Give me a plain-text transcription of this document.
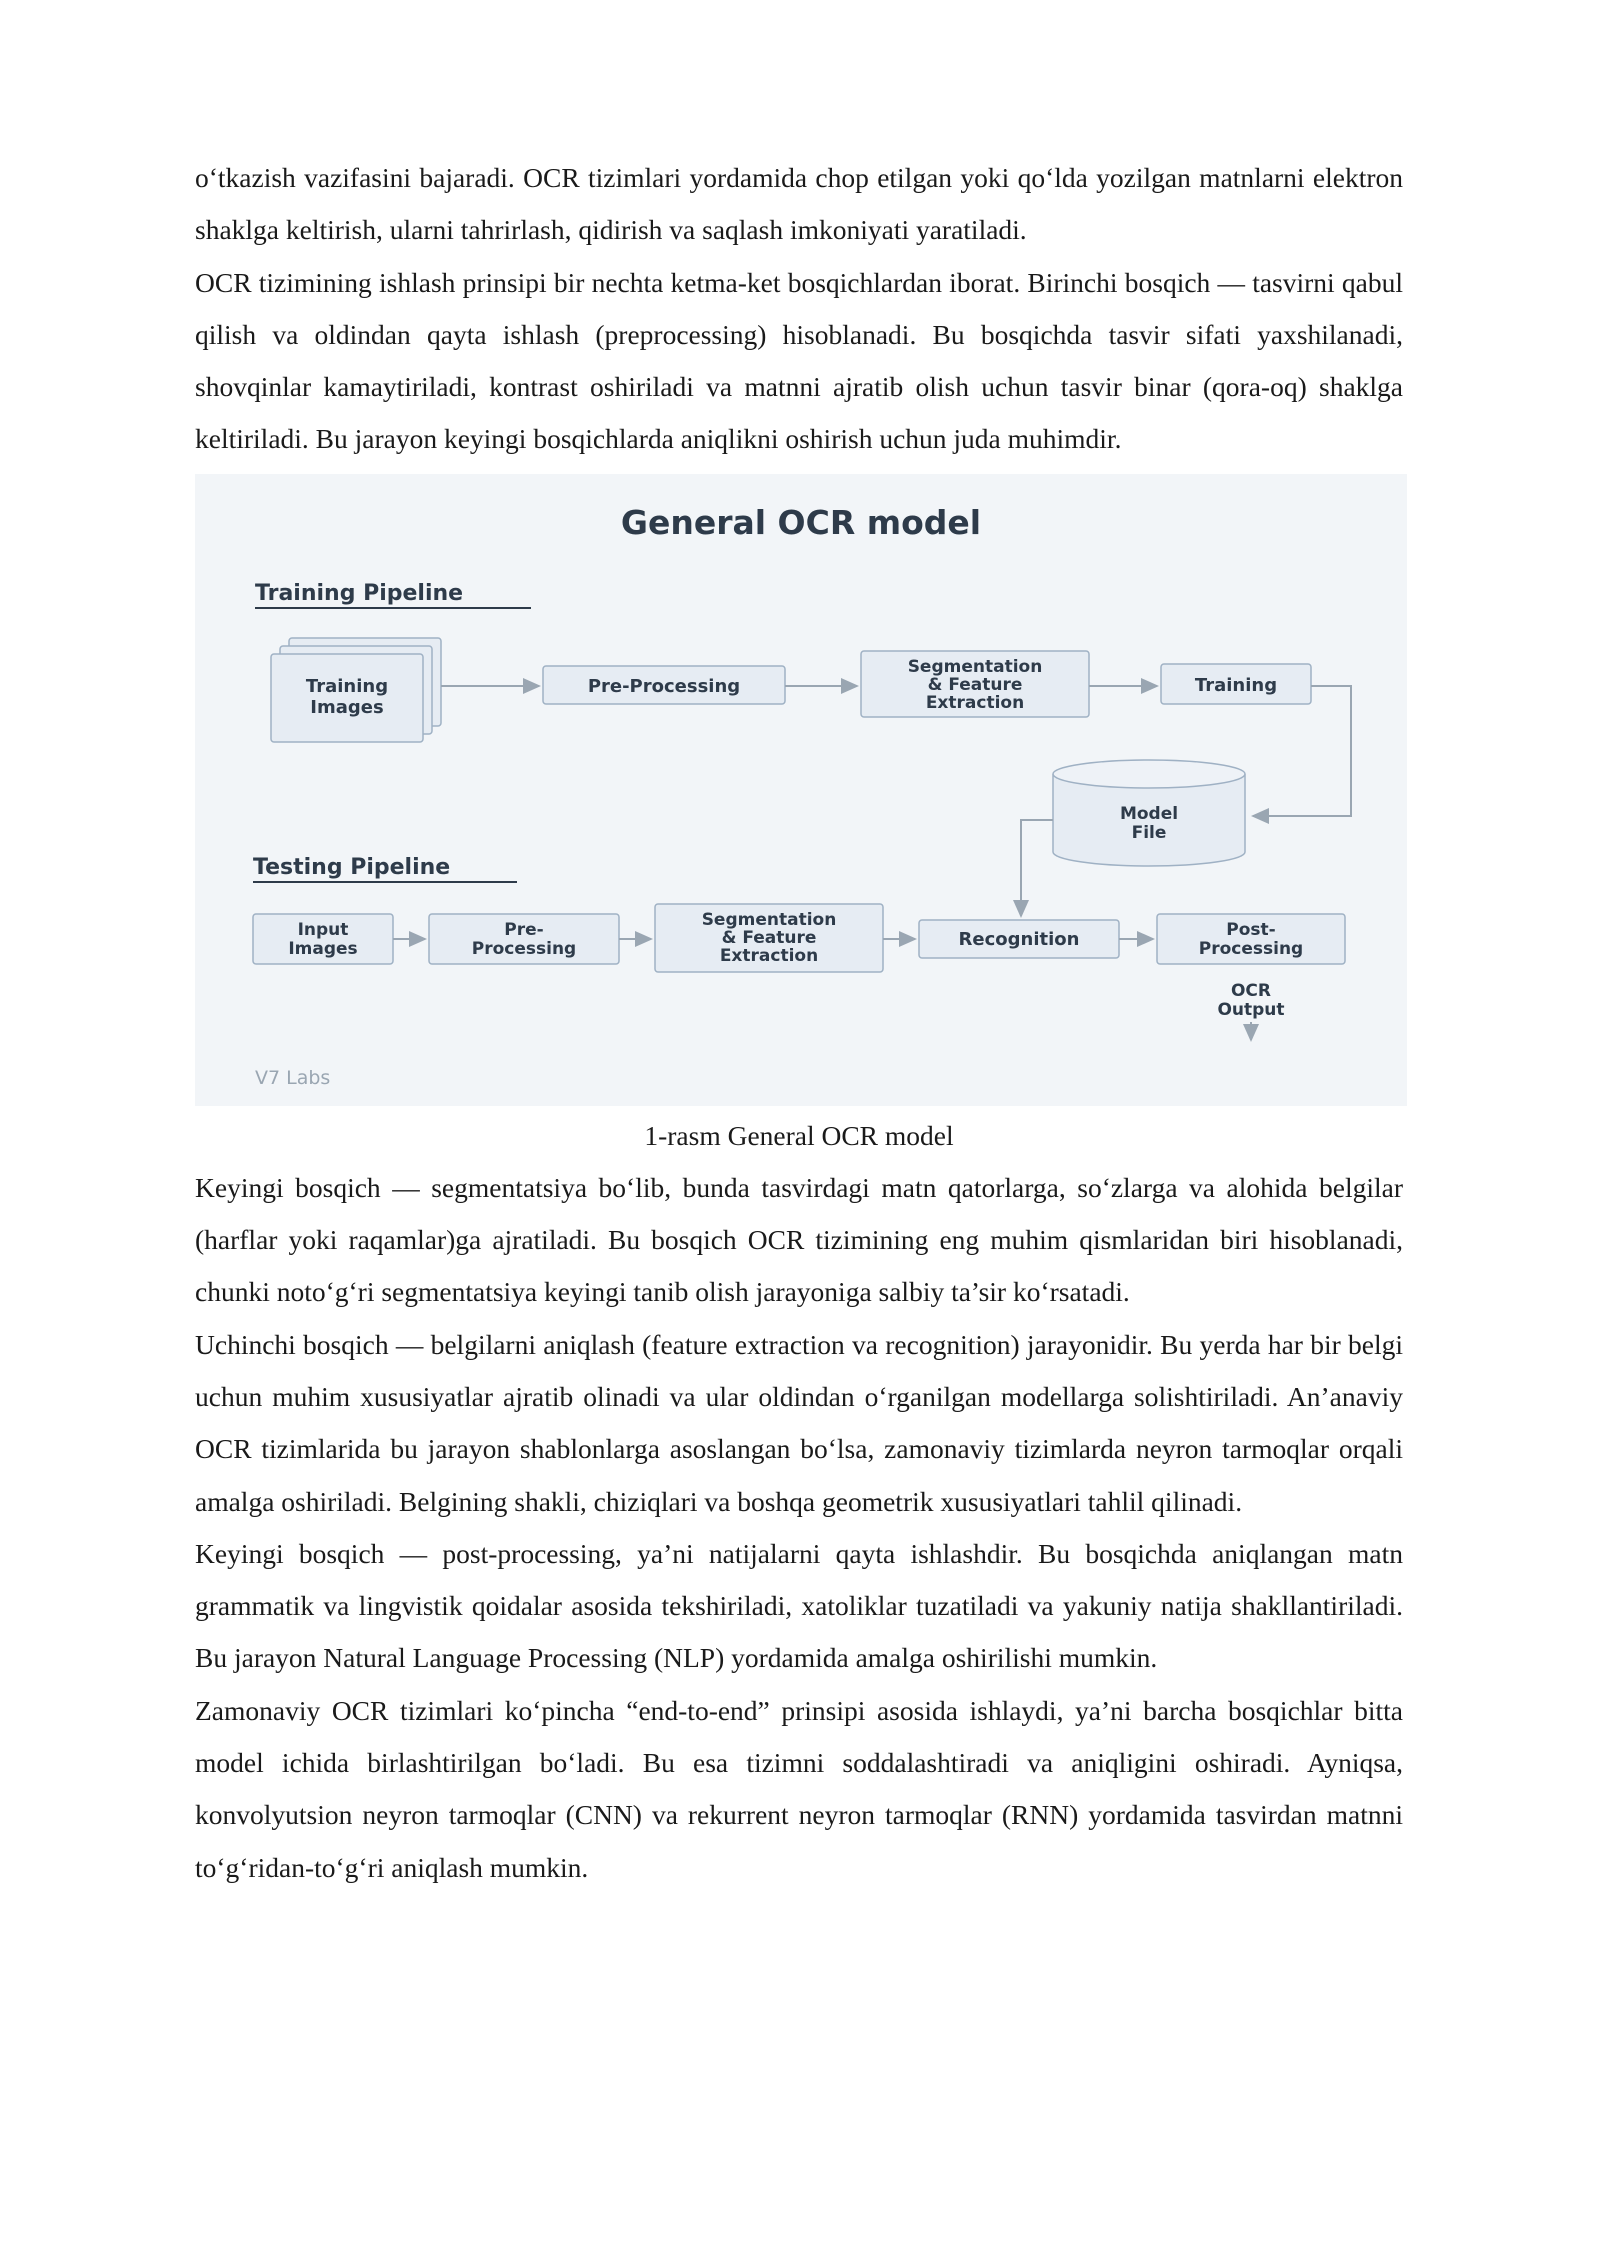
o‘tkazish vazifasini bajaradi. OCR tizimlari yordamida chop etilgan yoki qo‘lda yozilgan matnlarni elektron shaklga keltirish, ularni tahrirlash, qidirish va saqlash imkoniyati yaratiladi.

OCR tizimining ishlash prinsipi bir nechta ketma-ket bosqichlardan iborat. Birinchi bosqich — tasvirni qabul qilish va oldindan qayta ishlash (preprocessing) hisoblanadi. Bu bosqichda tasvir sifati yaxshilanadi, shovqinlar kamaytiriladi, kontrast oshiriladi va matnni ajratib olish uchun tasvir binar (qora-oq) shaklga keltiriladi. Bu jarayon keyingi bosqichlarda aniqlikni oshirish uchun juda muhimdir.

General OCR model
Training Pipeline
Training
Images
Pre-Processing
Segmentation
& Feature
Extraction
Training
Model
File
Testing Pipeline
Input
Images
Pre-
Processing
Segmentation
& Feature
Extraction
Recognition	Post-
Processing
OCR
Output
V7 Labs

1-rasm General OCR model

Keyingi bosqich — segmentatsiya bo‘lib, bunda tasvirdagi matn qatorlarga, so‘zlarga va alohida belgilar (harflar yoki raqamlar)ga ajratiladi. Bu bosqich OCR tizimining eng muhim qismlaridan biri hisoblanadi, chunki noto‘g‘ri segmentatsiya keyingi tanib olish jarayoniga salbiy ta’sir ko‘rsatadi.

Uchinchi bosqich — belgilarni aniqlash (feature extraction va recognition) jarayonidir. Bu yerda har bir belgi uchun muhim xususiyatlar ajratib olinadi va ular oldindan o‘rganilgan modellarga solishtiriladi. An’anaviy OCR tizimlarida bu jarayon shablonlarga asoslangan bo‘lsa, zamonaviy tizimlarda neyron tarmoqlar orqali amalga oshiriladi. Belgining shakli, chiziqlari va boshqa geometrik xususiyatlari tahlil qilinadi.

Keyingi bosqich — post-processing, ya’ni natijalarni qayta ishlashdir. Bu bosqichda aniqlangan matn grammatik va lingvistik qoidalar asosida tekshiriladi, xatoliklar tuzatiladi va yakuniy natija shakllantiriladi. Bu jarayon Natural Language Processing (NLP) yordamida amalga oshirilishi mumkin.

Zamonaviy OCR tizimlari ko‘pincha “end-to-end” prinsipi asosida ishlaydi, ya’ni barcha bosqichlar bitta model ichida birlashtirilgan bo‘ladi. Bu esa tizimni soddalashtiradi va aniqligini oshiradi. Ayniqsa, konvolyutsion neyron tarmoqlar (CNN) va rekurrent neyron tarmoqlar (RNN) yordamida tasvirdan matnni to‘g‘ridan-to‘g‘ri aniqlash mumkin.
